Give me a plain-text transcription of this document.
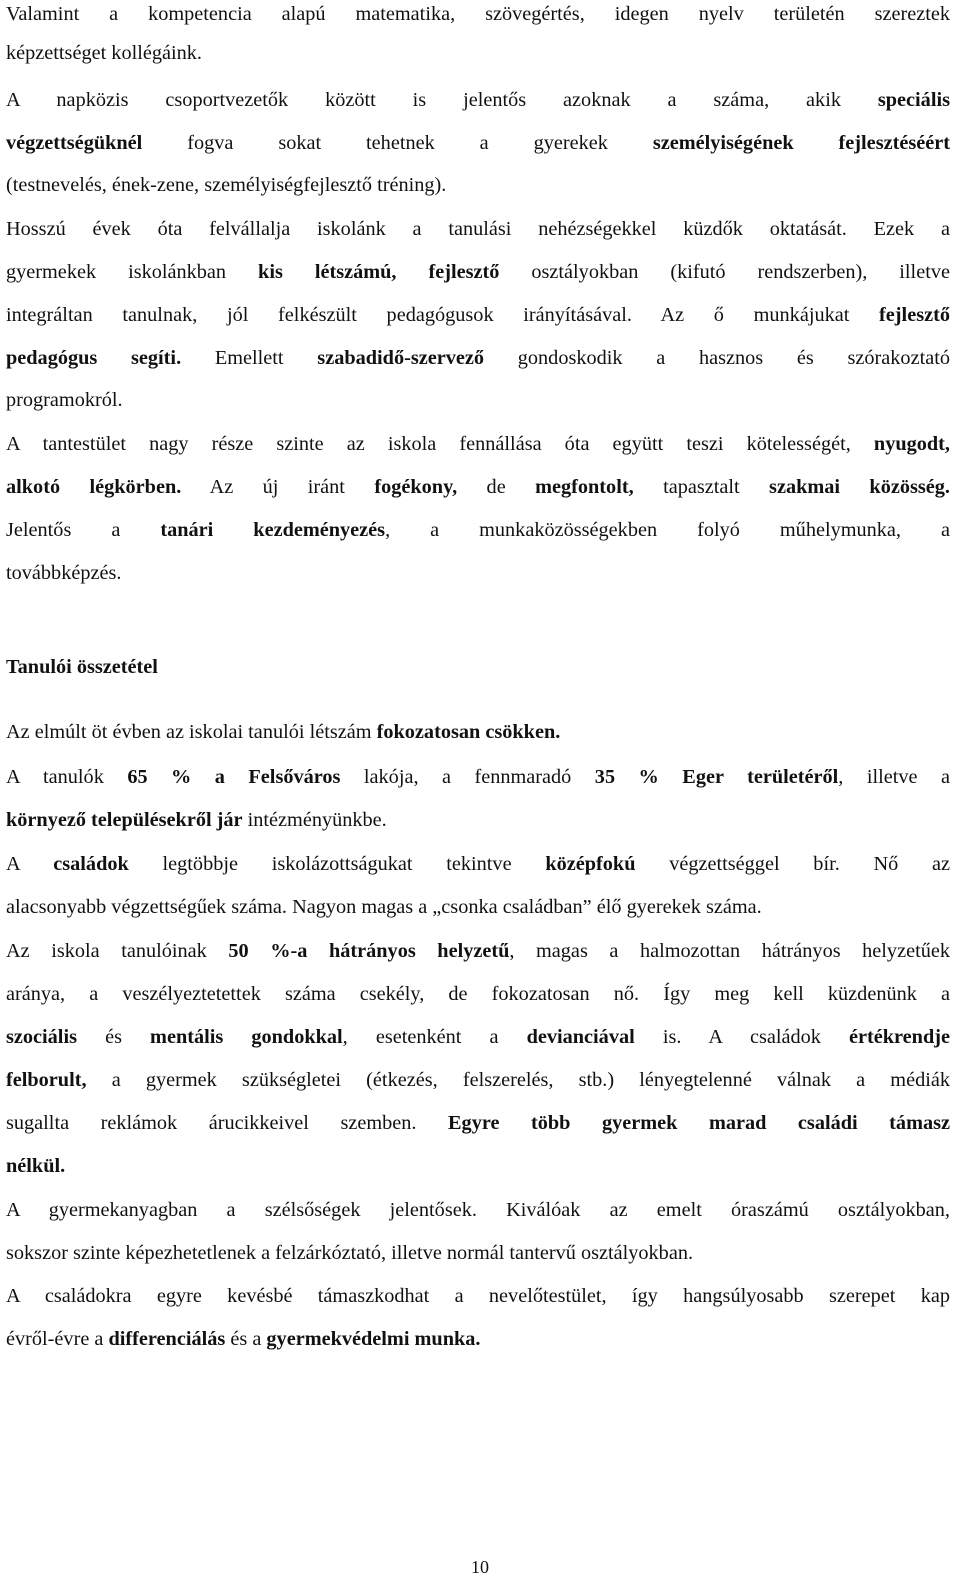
Valamint a kompetencia alapú matematika, szövegértés, idegen nyelv területén szereztek
képzettséget kollégáink.
A napközis csoportvezetők között is jelentős azoknak a száma, akik speciális
végzettségüknél fogva sokat tehetnek a gyerekek személyiségének fejlesztéséért
(testnevelés, ének-zene, személyiségfejlesztő tréning).
Hosszú évek óta felvállalja iskolánk a tanulási nehézségekkel küzdők oktatását. Ezek a
gyermekek iskolánkban kis létszámú, fejlesztő osztályokban (kifutó rendszerben), illetve
integráltan tanulnak, jól felkészült pedagógusok irányításával. Az ő munkájukat fejlesztő
pedagógus segíti. Emellett szabadidő-szervező gondoskodik a hasznos és szórakoztató
programokról.
A tantestület nagy része szinte az iskola fennállása óta együtt teszi kötelességét, nyugodt,
alkotó légkörben. Az új iránt fogékony, de megfontolt, tapasztalt szakmai közösség.
Jelentős a tanári kezdeményezés, a munkaközösségekben folyó műhelymunka, a
továbbképzés.
Tanulói összetétel
Az elmúlt öt évben az iskolai tanulói létszám fokozatosan csökken.
A tanulók 65 % a Felsőváros lakója, a fennmaradó 35 % Eger területéről, illetve a
környező településekről jár intézményünkbe.
A családok legtöbbje iskolázottságukat tekintve középfokú végzettséggel bír. Nő az
alacsonyabb végzettségűek száma. Nagyon magas a „csonka családban” élő gyerekek száma.
Az iskola tanulóinak 50 %-a hátrányos helyzetű, magas a halmozottan hátrányos helyzetűek
aránya, a veszélyeztetettek száma csekély, de fokozatosan nő. Így meg kell küzdenünk a
szociális és mentális gondokkal, esetenként a devianciával is. A családok értékrendje
felborult, a gyermek szükségletei (étkezés, felszerelés, stb.) lényegtelenné válnak a médiák
sugallta reklámok árucikkeivel szemben. Egyre több gyermek marad családi támasz
nélkül.
A gyermekanyagban a szélsőségek jelentősek. Kiválóak az emelt óraszámú osztályokban,
sokszor szinte képezhetetlenek a felzárkóztató, illetve normál tantervű osztályokban.
A családokra egyre kevésbé támaszkodhat a nevelőtestület, így hangsúlyosabb szerepet kap
évről-évre a differenciálás és a gyermekvédelmi munka.
10
